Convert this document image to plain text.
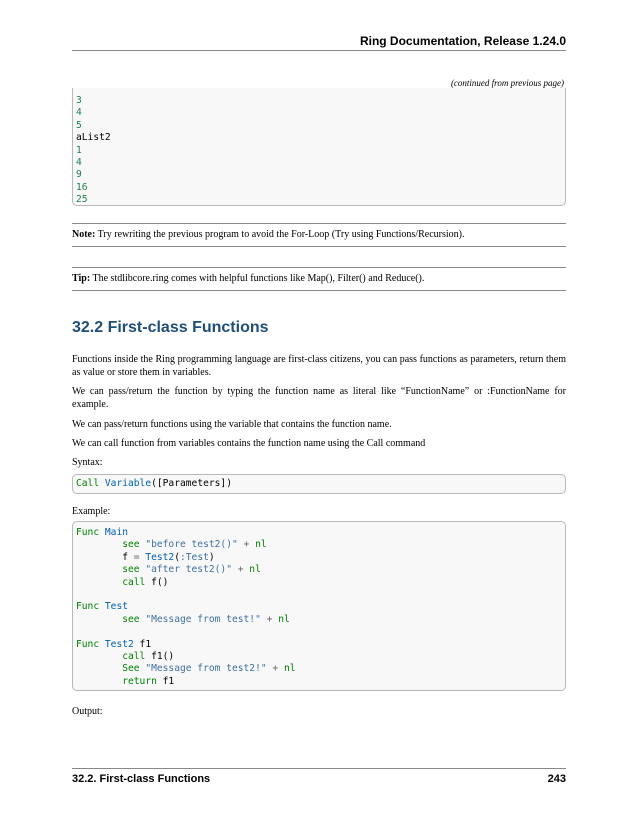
Ring Documentation, Release 1.24.0
(continued from previous page)
3
4
5
aList2
1
4
9
16
25
Note: Try rewriting the previous program to avoid the For-Loop (Try using Functions/Recursion).
Tip: The stdlibcore.ring comes with helpful functions like Map(), Filter() and Reduce().
32.2 First-class Functions
Functions inside the Ring programming language are first-class citizens, you can pass functions as parameters, return them as value or store them in variables.
We can pass/return the function by typing the function name as literal like “FunctionName” or :FunctionName for example.
We can pass/return functions using the variable that contains the function name.
We can call function from variables contains the function name using the Call command
Syntax:
Call Variable([Parameters])
Example:
Func Main
see "before test2()" + nl
f = Test2(:Test)
see "after test2()" + nl
call f()
Func Test
see "Message from test!" + nl
Func Test2 f1
call f1()
See "Message from test2!" + nl
return f1
Output:
32.2. First-class Functions	243
